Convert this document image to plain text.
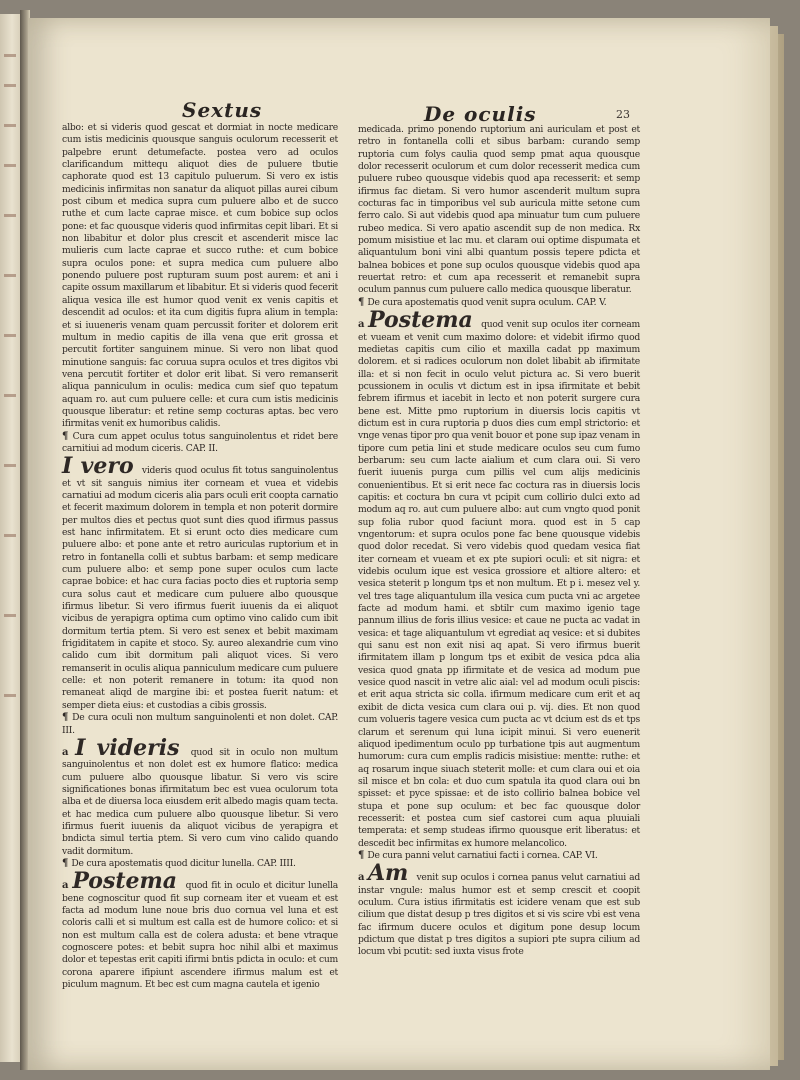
Sextus	De oculis	23

albo: et si videris quod gescat et dormiat in nocte medicare cum istis medicinis quousque sanguis oculorum recesserit et palpebre erunt detumefacte. postea vero ad oculos clarificandum mittequ aliquot dies de puluere tbutie caphorate quod est 13 capitulo puluerum. Si vero ex istis medicinis infirmitas non sanatur da aliquot pillas aurei cibum post cibum et medica supra cum puluere albo et de succo ruthe et cum lacte caprae misce. et cum bobice sup oclos pone: et fac quousque videris quod infirmitas cepit libari. Et si non libabitur et dolor plus crescit et ascenderit misce lac mulieris cum lacte caprae et succo ruthe: et cum bobice supra oculos pone: et supra medica cum puluere albo ponendo puluere post rupturam suum post aurem: et ani i capite ossum maxillarum et libabitur. Et si videris quod fecerit aliqua vesica ille est humor quod venit ex venis capitis et descendit ad oculos: et ita cum digitis fupra alium in templa: et si iuueneris venam quam percussit foriter et dolorem erit multum in medio capitis de illa vena que erit grossa et percutit fortiter sanguinem minue. Si vero non libat quod minutione sanguis: fac coruua supra oculos et tres digitos vbi vena percutit fortiter et dolor erit libat. Si vero remanserit aliqua panniculum in oculis: medica cum sief quo tepatum aquam ro. aut cum puluere celle: et cura cum istis medicinis quousque liberatur: et retine semp cocturas aptas. bec vero ifirmitas venit ex humoribus calidis.

¶ Cura cum appet oculus totus sanguinolentus et ridet bere carnitiui ad modum ciceris. CAP. II.

I vero videris quod oculus fit totus sanguinolentus et vt sit sanguis nimius iter corneam et vuea et videbis carnatiui ad modum ciceris alia pars oculi erit coopta carnatio et fecerit maximum dolorem in templa et non poterit dormire per multos dies et pectus quot sunt dies quod ifirmus passus est hanc infirmitatem. Et si erunt octo dies medicare cum puluere albo: et pone ante et retro auriculas ruptorium et in retro in fontanella colli et subtus barbam: et semp medicare cum puluere albo: et semp pone super oculos cum lacte caprae bobice: et hac cura facias pocto dies et ruptoria semp cura solus caut et medicare cum puluere albo quousque ifirmus libetur. Si vero ifirmus fuerit iuuenis da ei aliquot vicibus de yerapigra optima cum optimo vino calido cum ibit dormitum tertia ptem. Si vero est senex et bebit maximam frigiditatem in capite et stoco. Sy. aureo alexandrie cum vino calido cum ibit dormitum pali aliquot vices. Si vero remanserit in oculis aliqua panniculum medicare cum puluere celle: et non poterit remanere in totum: ita quod non remaneat aliqd de margine ibi: et postea fuerit natum: et semper dieta eius: et custodias a cibis grossis.

¶ De cura oculi non multum sanguinolenti et non dolet. CAP. III.

a I videris quod sit in oculo non multum sanguinolentus et non dolet est ex humore flatico: medica cum puluere albo quousque libatur. Si vero vis scire significationes bonas ifirmitatum bec est vuea oculorum tota alba et de diuersa loca eiusdem erit albedo magis quam tecta. et hac medica cum puluere albo quousque libetur. Si vero ifirmus fuerit iuuenis da aliquot vicibus de yerapigra et bndicta simul tertia ptem. Si vero cum vino calido quando vadit dormitum.

¶ De cura apostematis quod dicitur lunella. CAP. IIII.

a Postema quod fit in oculo et dicitur lunella bene cognoscitur quod fit sup corneam iter et vueam et est facta ad modum lune noue bris duo cornua vel luna et est coloris calli et si multum est calla est de humore colico: et si non est multum calla est de colera adusta: et bene vtraque cognoscere potes: et bebit supra hoc nihil albi et maximus dolor et tepestas erit capiti ifirmi bntis pdicta in oculo: et cum corona aparere ifipiunt ascendere ifirmus malum est et piculum magnum. Et bec est cum magna cautela et igenio

medicada. primo ponendo ruptorium ani auriculam et post et retro in fontanella colli et sibus barbam: curando semp ruptoria cum folys caulia quod semp pmat aqua quousque dolor recesserit oculorum et cum dolor recesserit medica cum puluere rubeo quousque videbis quod apa recesserit: et semp ifirmus fac dietam. Si vero humor ascenderit multum supra cocturas fac in timporibus vel sub auricula mitte setone cum ferro calo. Si aut videbis quod apa minuatur tum cum puluere rubeo medica. Si vero apatio ascendit sup de non medica. Rx pomum misistiue et lac mu. et claram oui optime dispumata et aliquantulum boni vini albi quantum possis tepere pdicta et balnea bobices et pone sup oculos quousque videbis quod apa reuertat retro: et cum apa recesserit et remanebit supra oculum pannus cum puluere callo medica quousque liberatur.

¶ De cura apostematis quod venit supra oculum. CAP. V.

a Postema quod venit sup oculos iter corneam et vueam et venit cum maximo dolore: et videbit ifirmo quod medietas capitis cum cilio et maxilla cadat pp maximum dolorem. et si radices oculorum non dolet libabit ab ifirmitate illa: et si non fecit in oculo velut pictura ac. Si vero buerit pcussionem in oculis vt dictum est in ipsa ifirmitate et bebit febrem ifirmus et iacebit in lecto et non poterit surgere cura bene est. Mitte pmo ruptorium in diuersis locis capitis vt dictum est in cura ruptoria p duos dies cum empl strictorio: et vnge venas tipor pro qua venit bouor et pone sup ipaz venam in tipore cum petia lini et stude medicare oculos seu cum fumo berbarum: seu cum lacte aialium et cum clara oui. Si vero fuerit iuuenis purga cum pillis vel cum alijs medicinis conuenientibus. Et si erit nece fac coctura ras in diuersis locis capitis: et coctura bn cura vt pcipit cum collirio dulci exto ad modum aq ro. aut cum puluere albo: aut cum vngto quod ponit sup folia rubor quod faciunt mora. quod est in 5 cap vngentorum: et supra oculos pone fac bene quousque videbis quod dolor recedat. Si vero videbis quod quedam vesica fiat iter corneam et vueam et ex pte supiori oculi: et sit nigra: et videbis oculum ique est vesica grossiore et altiore altero: et vesica steterit p longum tps et non multum. Et p i. mesez vel y. vel tres tage aliquantulum illa vesica cum pucta vni ac argetee facte ad modum hami. et sbtilr cum maximo igenio tage pannum illius de foris illius vesice: et caue ne pucta ac vadat in vesica: et tage aliquantulum vt egrediat aq vesice: et si dubites qui sanu est non exit nisi aq apat. Si vero ifirmus buerit ifirmitatem illam p longum tps et exibit de vesica pdca alia vesica quod gnata pp ifirmitate et de vesica ad modum pue vesice quod nascit in vetre alic aial: vel ad modum oculi piscis: et erit aqua stricta sic colla. ifirmum medicare cum erit et aq exibit de dicta vesica cum clara oui p. vij. dies. Et non quod cum volueris tagere vesica cum pucta ac vt dcium est ds et tps clarum et serenum qui luna icipit minui. Si vero euenerit aliquod ipedimentum oculo pp turbatione tpis aut augmentum humorum: cura cum emplis radicis misistiue: mentte: ruthe: et aq rosarum inque siuach steterit molle: et cum clara oui et oia sil misce et bn cola: et duo cum spatula ita quod clara oui bn spisset: et pyce spissae: et de isto collirio balnea bobice vel stupa et pone sup oculum: et bec fac quousque dolor recesserit: et postea cum sief castorei cum aqua pluuiali temperata: et semp studeas ifirmo quousque erit liberatus: et descedit bec infirmitas ex humore melancolico.

¶ De cura panni velut carnatiui facti i cornea. CAP. VI.

a Am venit sup oculos i cornea panus velut carnatiui ad instar vngule: malus humor est et semp crescit et coopit oculum. Cura istius ifirmitatis est icidere venam que est sub cilium que distat desup p tres digitos et si vis scire vbi est vena fac ifirmum ducere oculos et digitum pone desup locum pdictum que distat p tres digitos a supiori pte supra cilium ad locum vbi pcutit: sed iuxta visus frote
